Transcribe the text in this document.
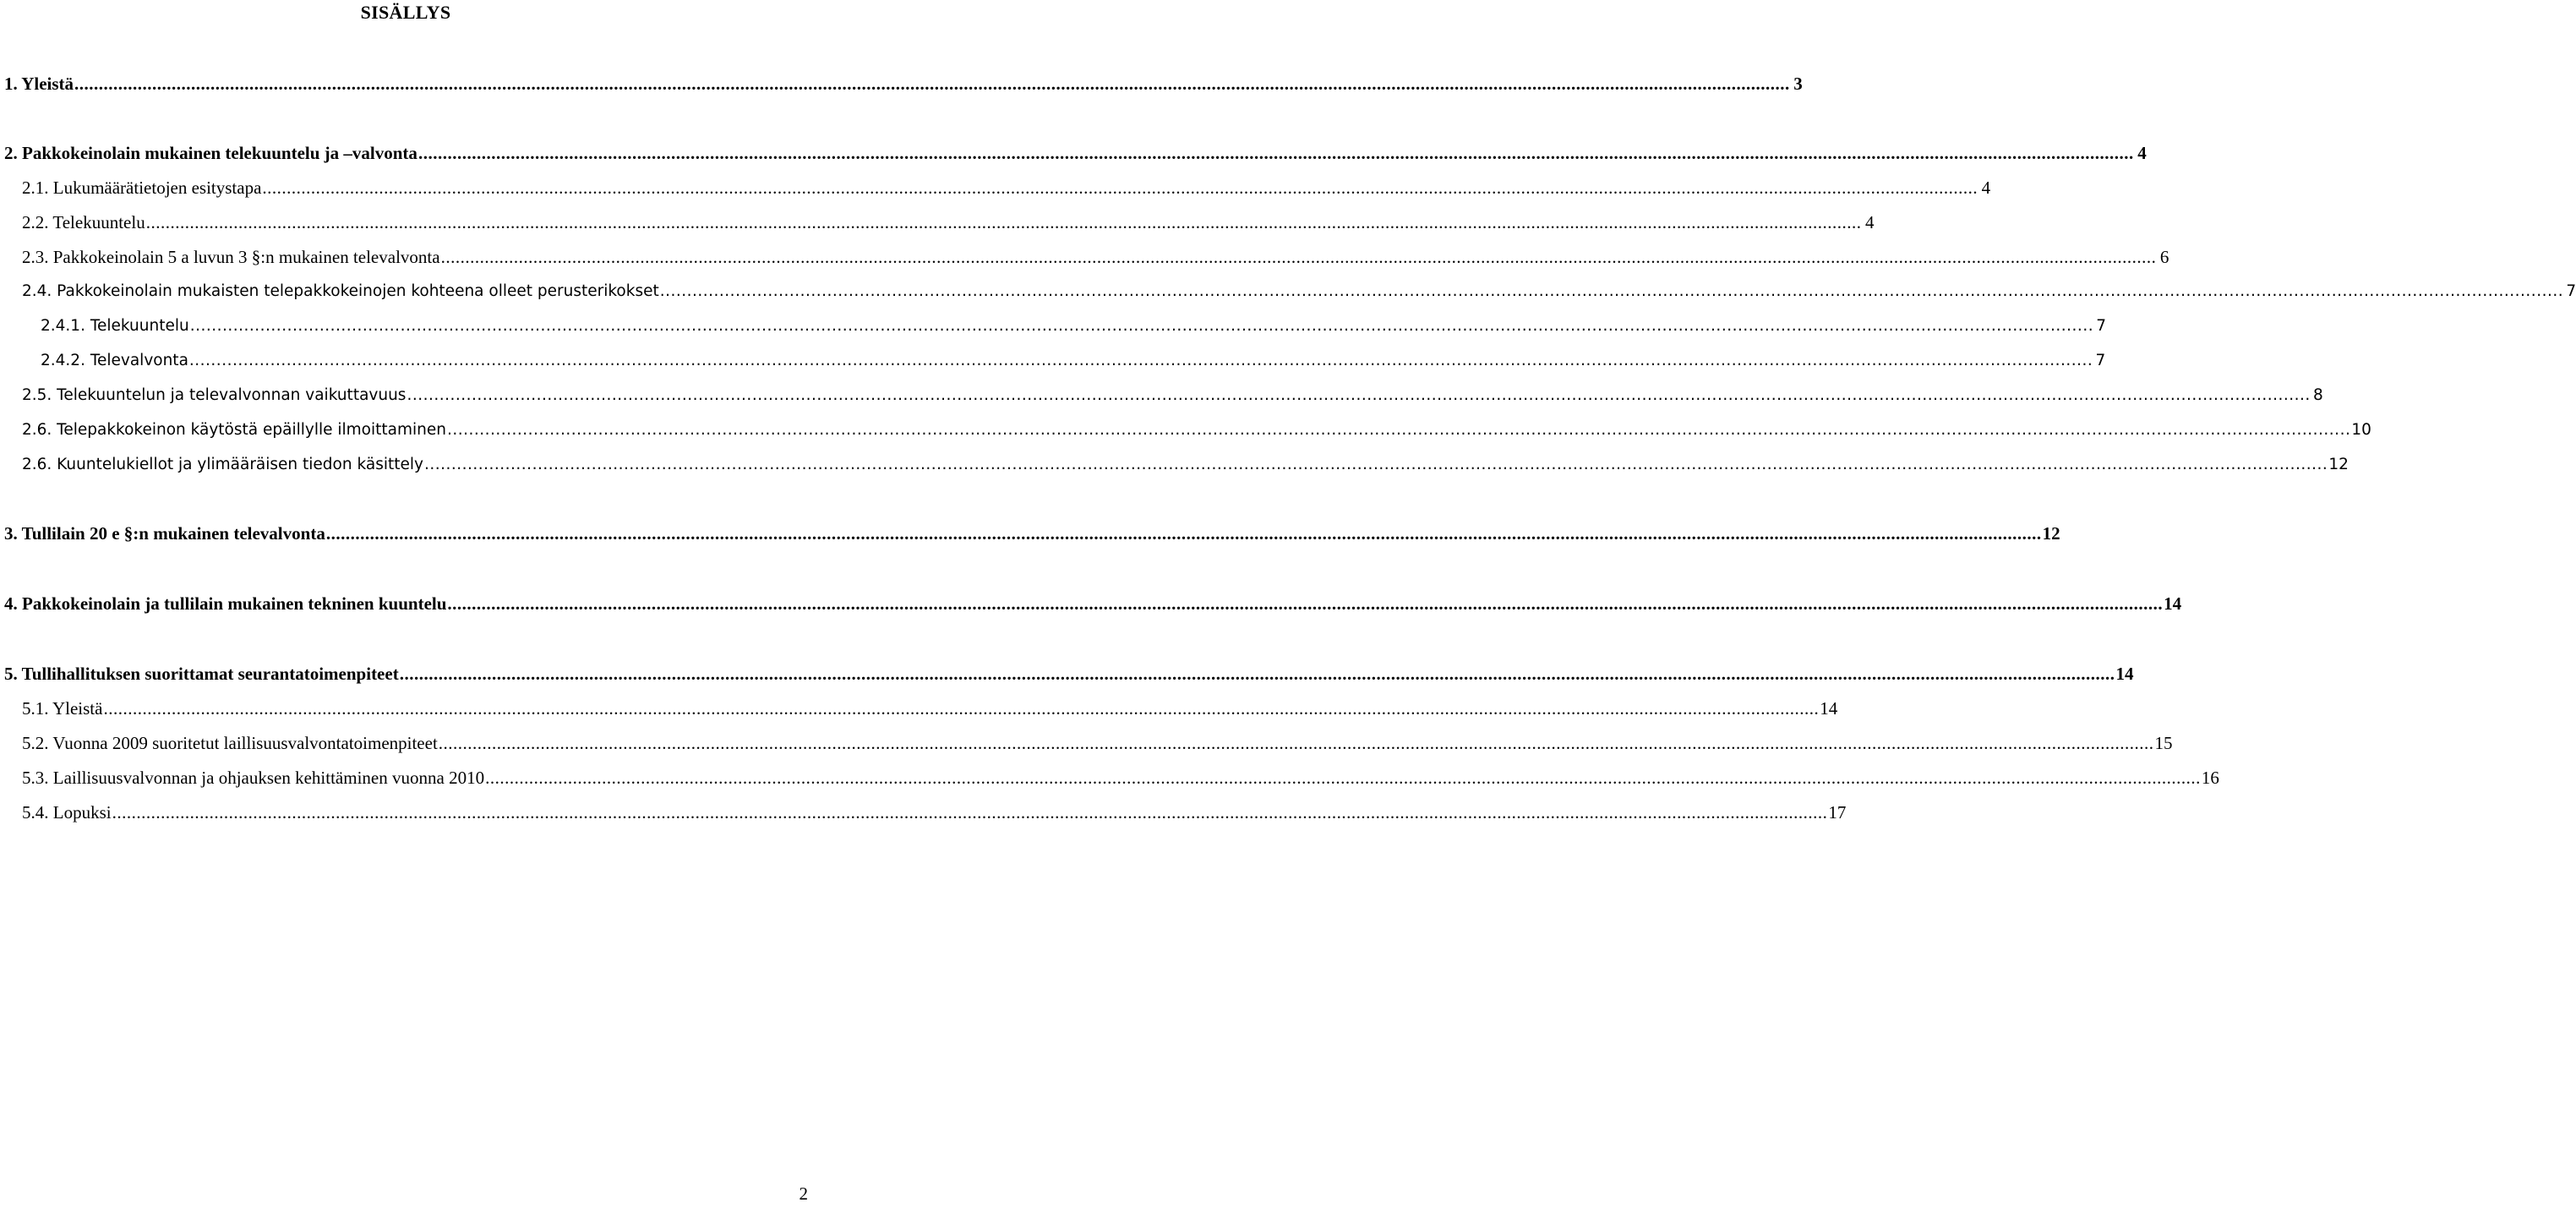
SISÄLLYS
1. Yleistä .....	3
2. Pakkokeinolain mukainen telekuuntelu ja –valvonta .....	4
2.1. Lukumäärätietojen esitystapa .....	4
2.2. Telekuuntelu .....	4
2.3. Pakkokeinolain 5 a luvun 3 §:n mukainen televalvonta .....	6
2.4. Pakkokeinolain mukaisten telepakkokeinojen kohteena olleet perusterikokset .....	7
2.4.1. Telekuuntelu .....	7
2.4.2. Televalvonta .....	7
2.5. Telekuuntelun ja televalvonnan vaikuttavuus .....	8
2.6. Telepakkokeinon käytöstä epäillylle ilmoittaminen .....	10
2.6. Kuuntelukiellot ja ylimääräisen tiedon käsittely .....	12
3. Tullilain 20 e §:n mukainen televalvonta .....	12
4. Pakkokeinolain ja tullilain mukainen tekninen kuuntelu .....	14
5. Tullihallituksen suorittamat seurantatoimenpiteet .....	14
5.1. Yleistä .....	14
5.2. Vuonna 2009 suoritetut laillisuusvalvontatoimenpiteet .....	15
5.3. Laillisuusvalvonnan ja ohjauksen kehittäminen vuonna 2010 .....	16
5.4. Lopuksi .....	17
2
